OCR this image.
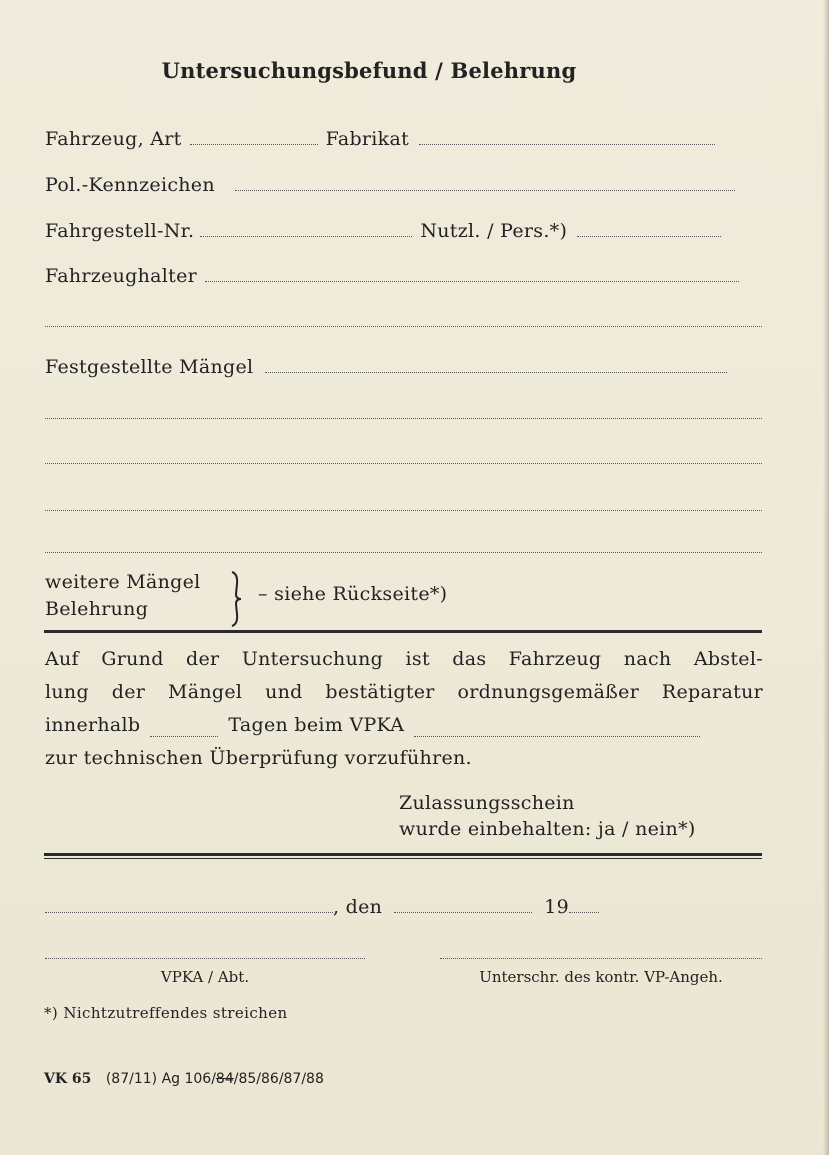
Untersuchungsbefund / Belehrung
Fahrzeug, Art	Fabrikat
Pol.-Kennzeichen
Fahrgestell-Nr.	Nutzl. / Pers.*)
Fahrzeughalter
Festgestellte Mängel
weitere Mängel
Belehrung
– siehe Rückseite*)
Auf Grund der Untersuchung ist das Fahrzeug nach Abstel-
lung der Mängel und bestätigter ordnungsgemäßer Reparatur
innerhalb	Tagen beim VPKA
zur technischen Überprüfung vorzuführen.
Zulassungsschein
wurde einbehalten: ja / nein*)
, den	19
VPKA / Abt.	Unterschr. des kontr. VP-Angeh.
*) Nichtzutreffendes streichen
VK 65 (87/11) Ag 106/84/85/86/87/88
